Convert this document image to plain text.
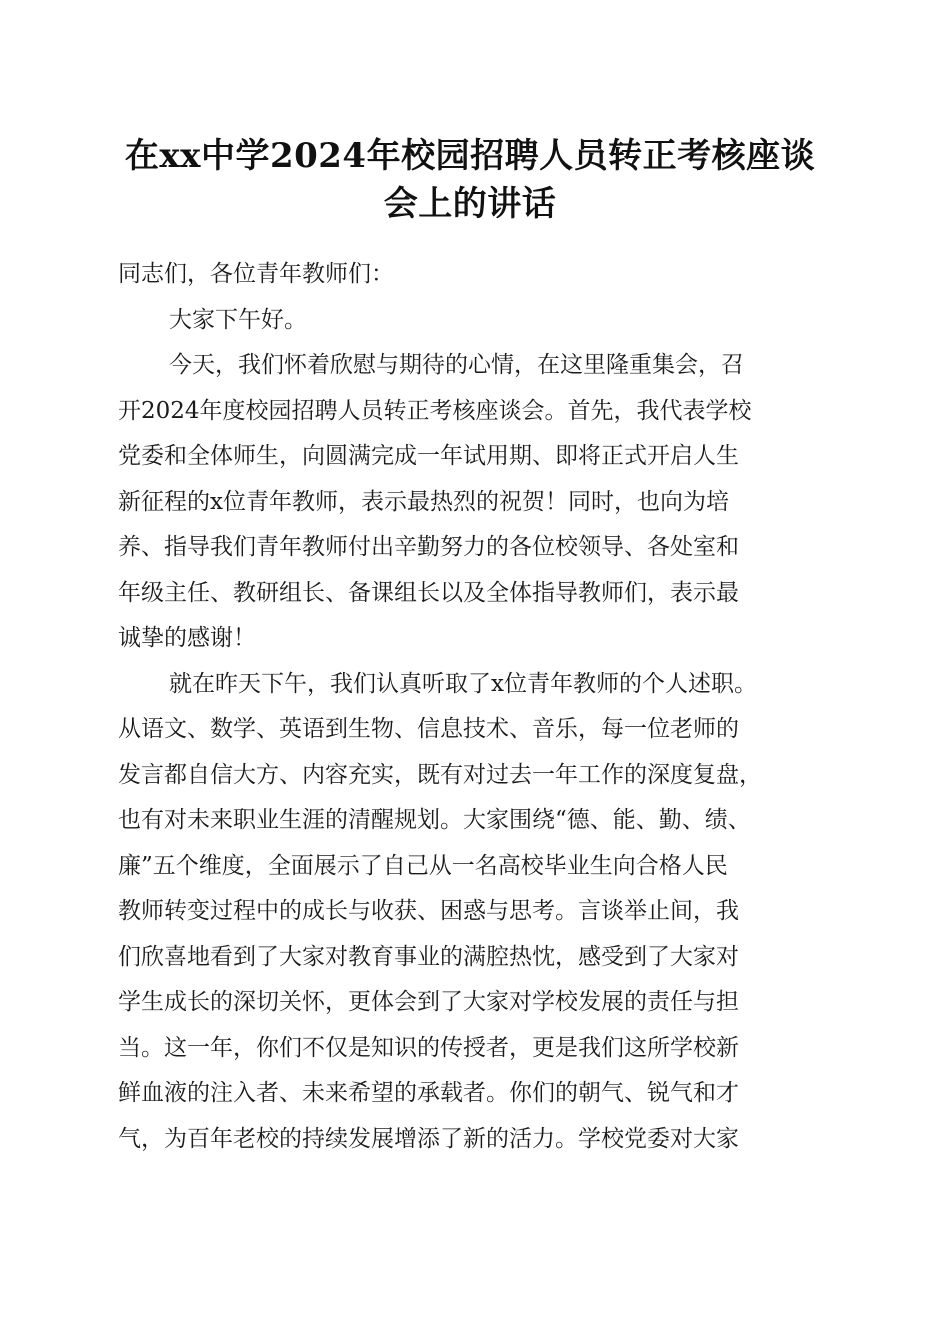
在xx中学2024年校园招聘人员转正考核座谈
会上的讲话
同志们，各位青年教师们：
大家下午好。
今天，我们怀着欣慰与期待的心情，在这里隆重集会，召
开2024年度校园招聘人员转正考核座谈会。首先，我代表学校
党委和全体师生，向圆满完成一年试用期、即将正式开启人生
新征程的x位青年教师，表示最热烈的祝贺！同时，也向为培
养、指导我们青年教师付出辛勤努力的各位校领导、各处室和
年级主任、教研组长、备课组长以及全体指导教师们，表示最
诚挚的感谢！
就在昨天下午，我们认真听取了x位青年教师的个人述职。
从语文、数学、英语到生物、信息技术、音乐，每一位老师的
发言都自信大方、内容充实，既有对过去一年工作的深度复盘，
也有对未来职业生涯的清醒规划。大家围绕“德、能、勤、绩、
廉”五个维度，全面展示了自己从一名高校毕业生向合格人民
教师转变过程中的成长与收获、困惑与思考。言谈举止间，我
们欣喜地看到了大家对教育事业的满腔热忱，感受到了大家对
学生成长的深切关怀，更体会到了大家对学校发展的责任与担
当。这一年，你们不仅是知识的传授者，更是我们这所学校新
鲜血液的注入者、未来希望的承载者。你们的朝气、锐气和才
气，为百年老校的持续发展增添了新的活力。学校党委对大家
